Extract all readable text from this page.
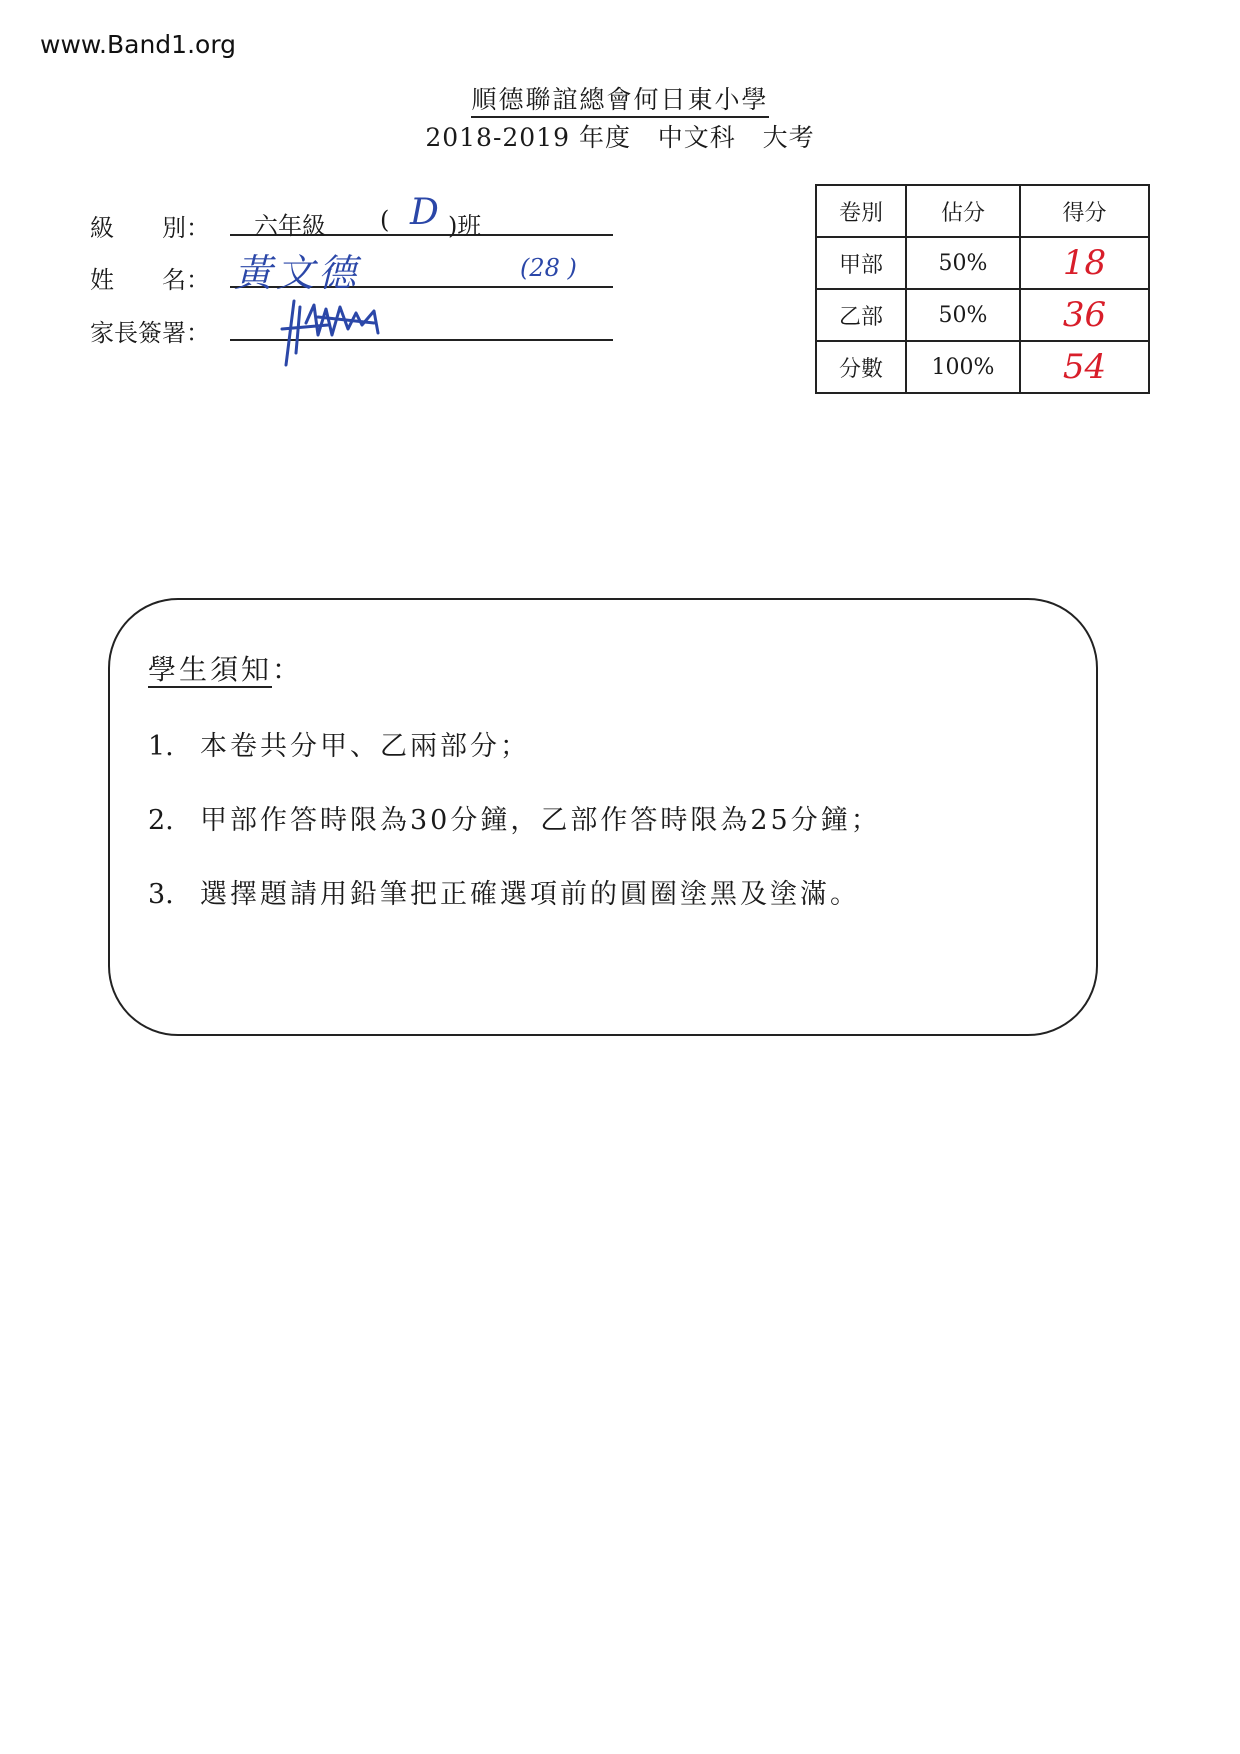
www.Band1.org
順德聯誼總會何日東小學
2018-2019 年度   中文科   大考
級　　別： 六年級 ( D )班
姓　　名： 黃文德	(28 )
家長簽署：
卷別	佔分	得分
甲部	50%	18
乙部	50%	36
分數	100%	54
學生須知：
1. 本卷共分甲、乙兩部分；
2. 甲部作答時限為30分鐘，乙部作答時限為25分鐘；
3. 選擇題請用鉛筆把正確選項前的圓圈塗黑及塗滿。
